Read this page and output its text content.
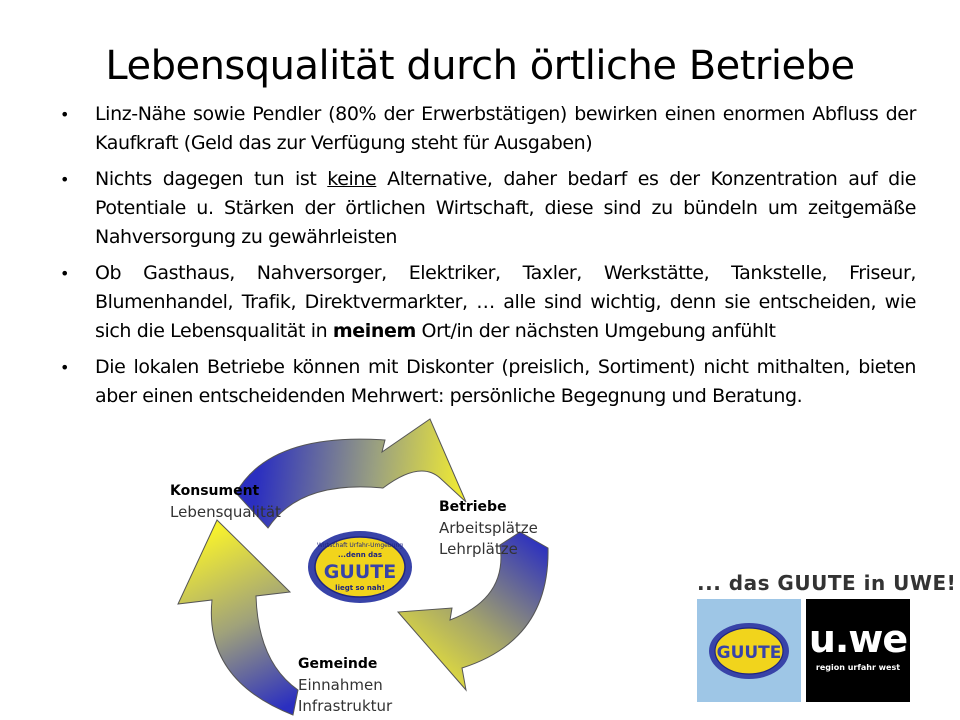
Lebensqualität durch örtliche Betriebe
• Linz-Nähe sowie Pendler (80% der Erwerbstätigen) bewirken einen enormen Abfluss der Kaufkraft (Geld das zur Verfügung steht für Ausgaben)
• Nichts dagegen tun ist keine Alternative, daher bedarf es der Konzentration auf die Potentiale u. Stärken der örtlichen Wirtschaft, diese sind zu bündeln um zeitgemäße Nahversorgung zu gewährleisten
• Ob Gasthaus, Nahversorger, Elektriker, Taxler, Werkstätte, Tankstelle, Friseur, Blumenhandel, Trafik, Direktvermarkter, … alle sind wichtig, denn sie entscheiden, wie sich die Lebensqualität in meinem Ort/in der nächsten Umgebung anfühlt
• Die lokalen Betriebe können mit Diskonter (preislich, Sortiment) nicht mithalten, bieten aber einen entscheidenden Mehrwert: persönliche Begegnung und Beratung.
Wirtschaft Urfahr-Umgebung
...denn das
GUUTE
liegt so nah!
Konsument
Lebensqualität	Betriebe
Arbeitsplätze
Lehrplätze
Gemeinde
Einnahmen
Infrastruktur
... das GUUTE in UWE!
GUUTE u.we
region urfahr west
